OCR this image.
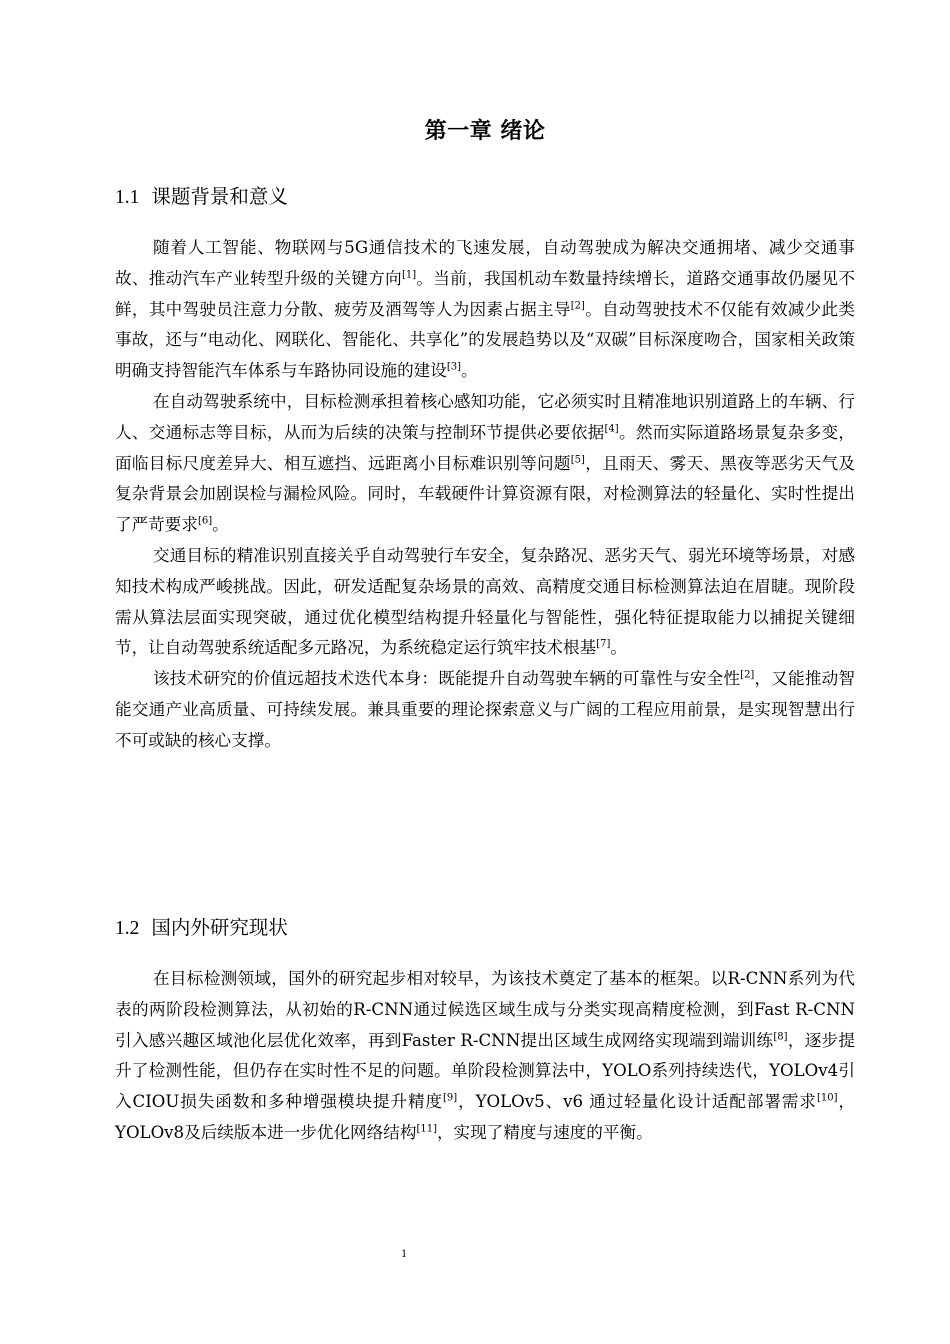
第一章 绪论
1.1 课题背景和意义

随着人工智能、物联网与5G通信技术的飞速发展，自动驾驶成为解决交通拥堵、减少交通事故、推动汽车产业转型升级的关键方向[1]。当前，我国机动车数量持续增长，道路交通事故仍屡见不鲜，其中驾驶员注意力分散、疲劳及酒驾等人为因素占据主导[2]。自动驾驶技术不仅能有效减少此类事故，还与“电动化、网联化、智能化、共享化”的发展趋势以及“双碳”目标深度吻合，国家相关政策明确支持智能汽车体系与车路协同设施的建设[3]。

在自动驾驶系统中，目标检测承担着核心感知功能，它必须实时且精准地识别道路上的车辆、行人、交通标志等目标，从而为后续的决策与控制环节提供必要依据[4]。然而实际道路场景复杂多变，面临目标尺度差异大、相互遮挡、远距离小目标难识别等问题[5]，且雨天、雾天、黑夜等恶劣天气及复杂背景会加剧误检与漏检风险。同时，车载硬件计算资源有限，对检测算法的轻量化、实时性提出了严苛要求[6]。

交通目标的精准识别直接关乎自动驾驶行车安全，复杂路况、恶劣天气、弱光环境等场景，对感知技术构成严峻挑战。因此，研发适配复杂场景的高效、高精度交通目标检测算法迫在眉睫。现阶段需从算法层面实现突破，通过优化模型结构提升轻量化与智能性，强化特征提取能力以捕捉关键细节，让自动驾驶系统适配多元路况，为系统稳定运行筑牢技术根基[7]。

该技术研究的价值远超技术迭代本身：既能提升自动驾驶车辆的可靠性与安全性[2]，又能推动智能交通产业高质量、可持续发展。兼具重要的理论探索意义与广阔的工程应用前景，是实现智慧出行不可或缺的核心支撑。

1.2 国内外研究现状

在目标检测领域，国外的研究起步相对较早，为该技术奠定了基本的框架。以R-CNN系列为代表的两阶段检测算法，从初始的R-CNN通过候选区域生成与分类实现高精度检测，到Fast R-CNN引入感兴趣区域池化层优化效率，再到Faster R-CNN提出区域生成网络实现端到端训练[8]，逐步提升了检测性能，但仍存在实时性不足的问题。单阶段检测算法中，YOLO系列持续迭代，YOLOv4引入CIOU损失函数和多种增强模块提升精度[9]，YOLOv5、v6 通过轻量化设计适配部署需求[10]，YOLOv8及后续版本进一步优化网络结构[11]，实现了精度与速度的平衡。

1
